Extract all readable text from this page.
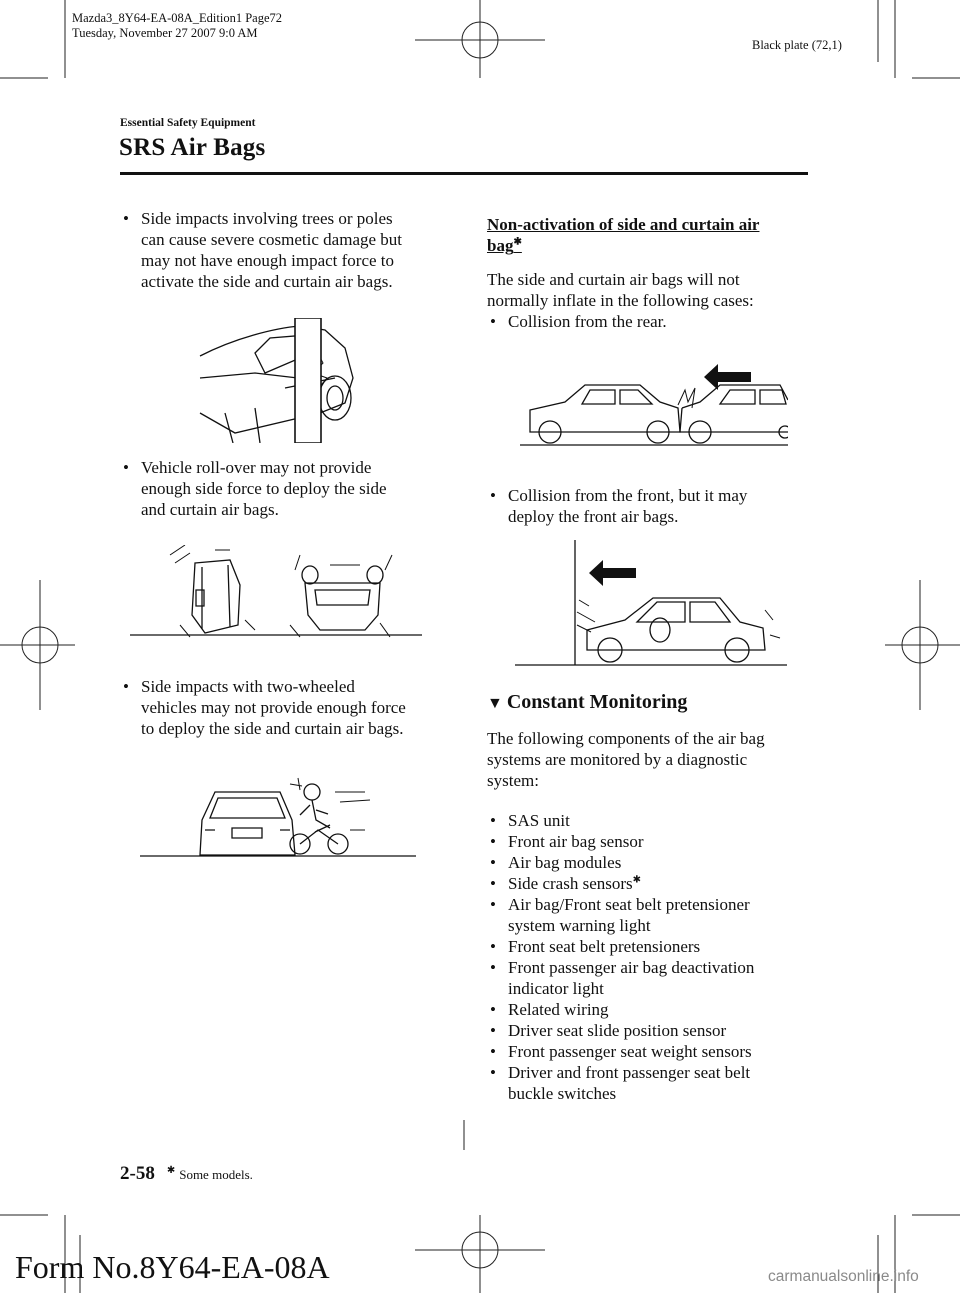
Mazda3_8Y64-EA-08A_Edition1 Page72
Tuesday, November 27 2007 9:0 AM
Black plate (72,1)
Essential Safety Equipment
SRS Air Bags
• Side impacts involving trees or poles
can cause severe cosmetic damage but
may not have enough impact force to
activate the side and curtain air bags.
• Vehicle roll-over may not provide
enough side force to deploy the side
and curtain air bags.
• Side impacts with two-wheeled
vehicles may not provide enough force
to deploy the side and curtain air bags.
Non-activation of side and curtain air
bag✱
The side and curtain air bags will not
normally inflate in the following cases:
• Collision from the rear.
• Collision from the front, but it may
deploy the front air bags.
▼ Constant Monitoring
The following components of the air bag
systems are monitored by a diagnostic
system:
• SAS unit
• Front air bag sensor
• Air bag modules
• Side crash sensors✱
• Air bag/Front seat belt pretensioner
system warning light
• Front seat belt pretensioners
• Front passenger air bag deactivation
indicator light
• Related wiring
• Driver seat slide position sensor
• Front passenger seat weight sensors
• Driver and front passenger seat belt
buckle switches
2-58 ✱ Some models.
Form No.8Y64-EA-08A	carmanualsonline.info
